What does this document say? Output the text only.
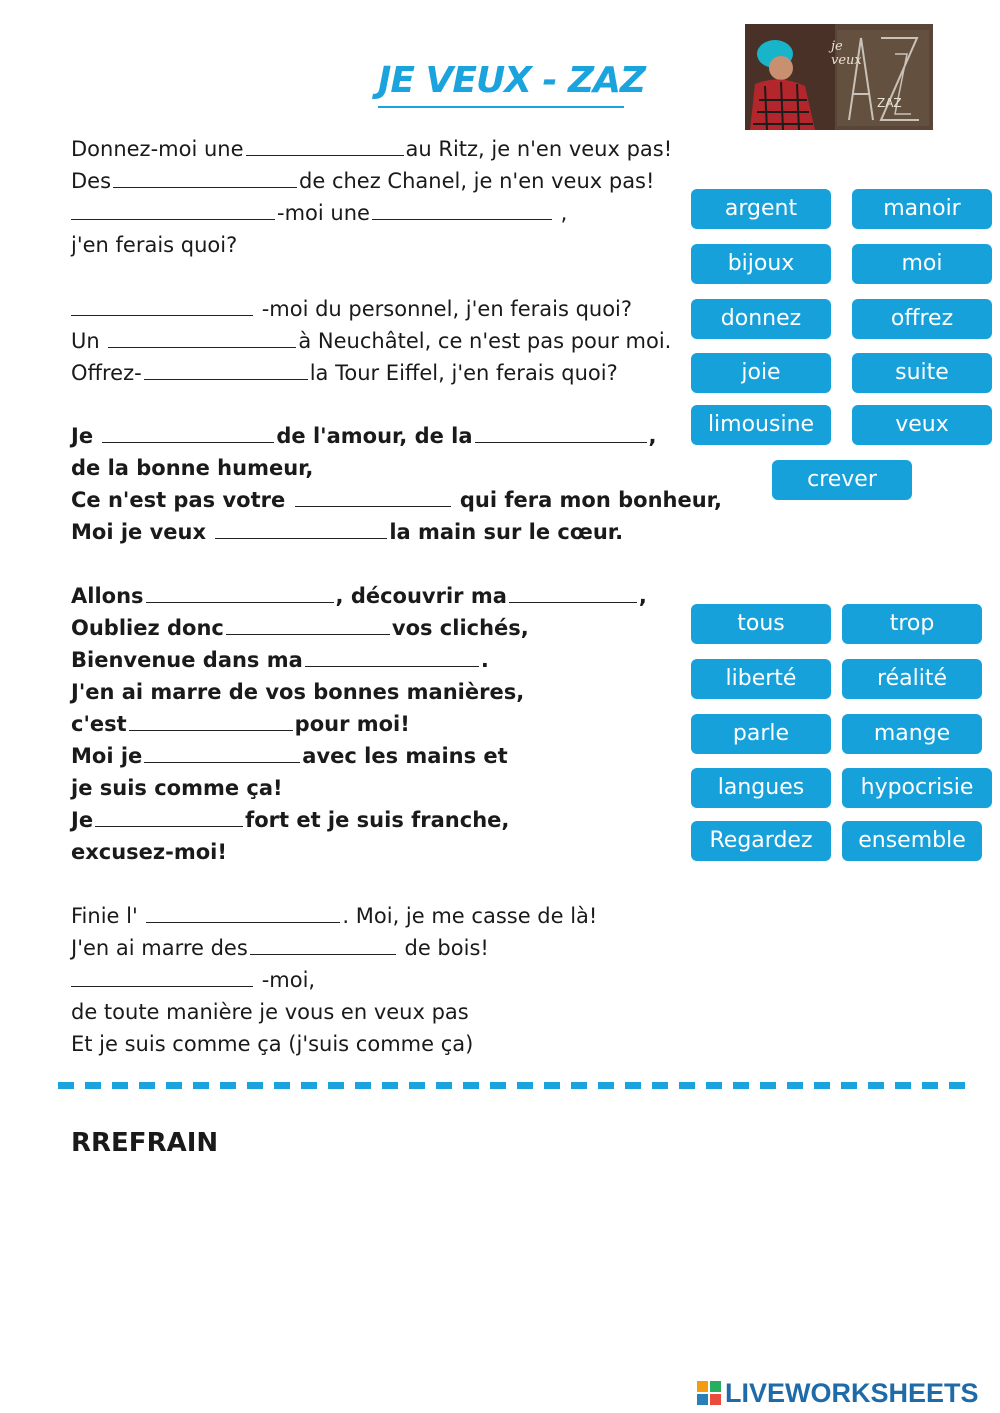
JE VEUX - ZAZ
je veux
ZAZ
Donnez-moi une	au Ritz, je n'en veux pas!
Des	de chez Chanel, je n'en veux pas!
-moi une	,
j'en ferais quoi?
-moi du personnel, j'en ferais quoi?
Un	à Neuchâtel, ce n'est pas pour moi.
Offrez-	la Tour Eiffel, j'en ferais quoi?
Je	de l'amour, de la	,
de la bonne humeur,
Ce n'est pas votre	qui fera mon bonheur,
Moi je veux	la main sur le cœur.
Allons	, découvrir ma	,
Oubliez donc	vos clichés,
Bienvenue dans ma	.
J'en ai marre de vos bonnes manières,
c'est	pour moi!
Moi je	avec les mains et
je suis comme ça!
Je	fort et je suis franche,
excusez-moi!
Finie l'	. Moi, je me casse de là!
J'en ai marre des	de bois!
-moi,
de toute manière je vous en veux pas
Et je suis comme ça (j'suis comme ça)
argent	manoir
bijoux	moi
donnez	offrez
joie	suite
limousine	veux
crever
tous	trop
liberté	réalité
parle	mange
langues	hypocrisie
Regardez	ensemble
RREFRAIN
LIVEWORKSHEETS
